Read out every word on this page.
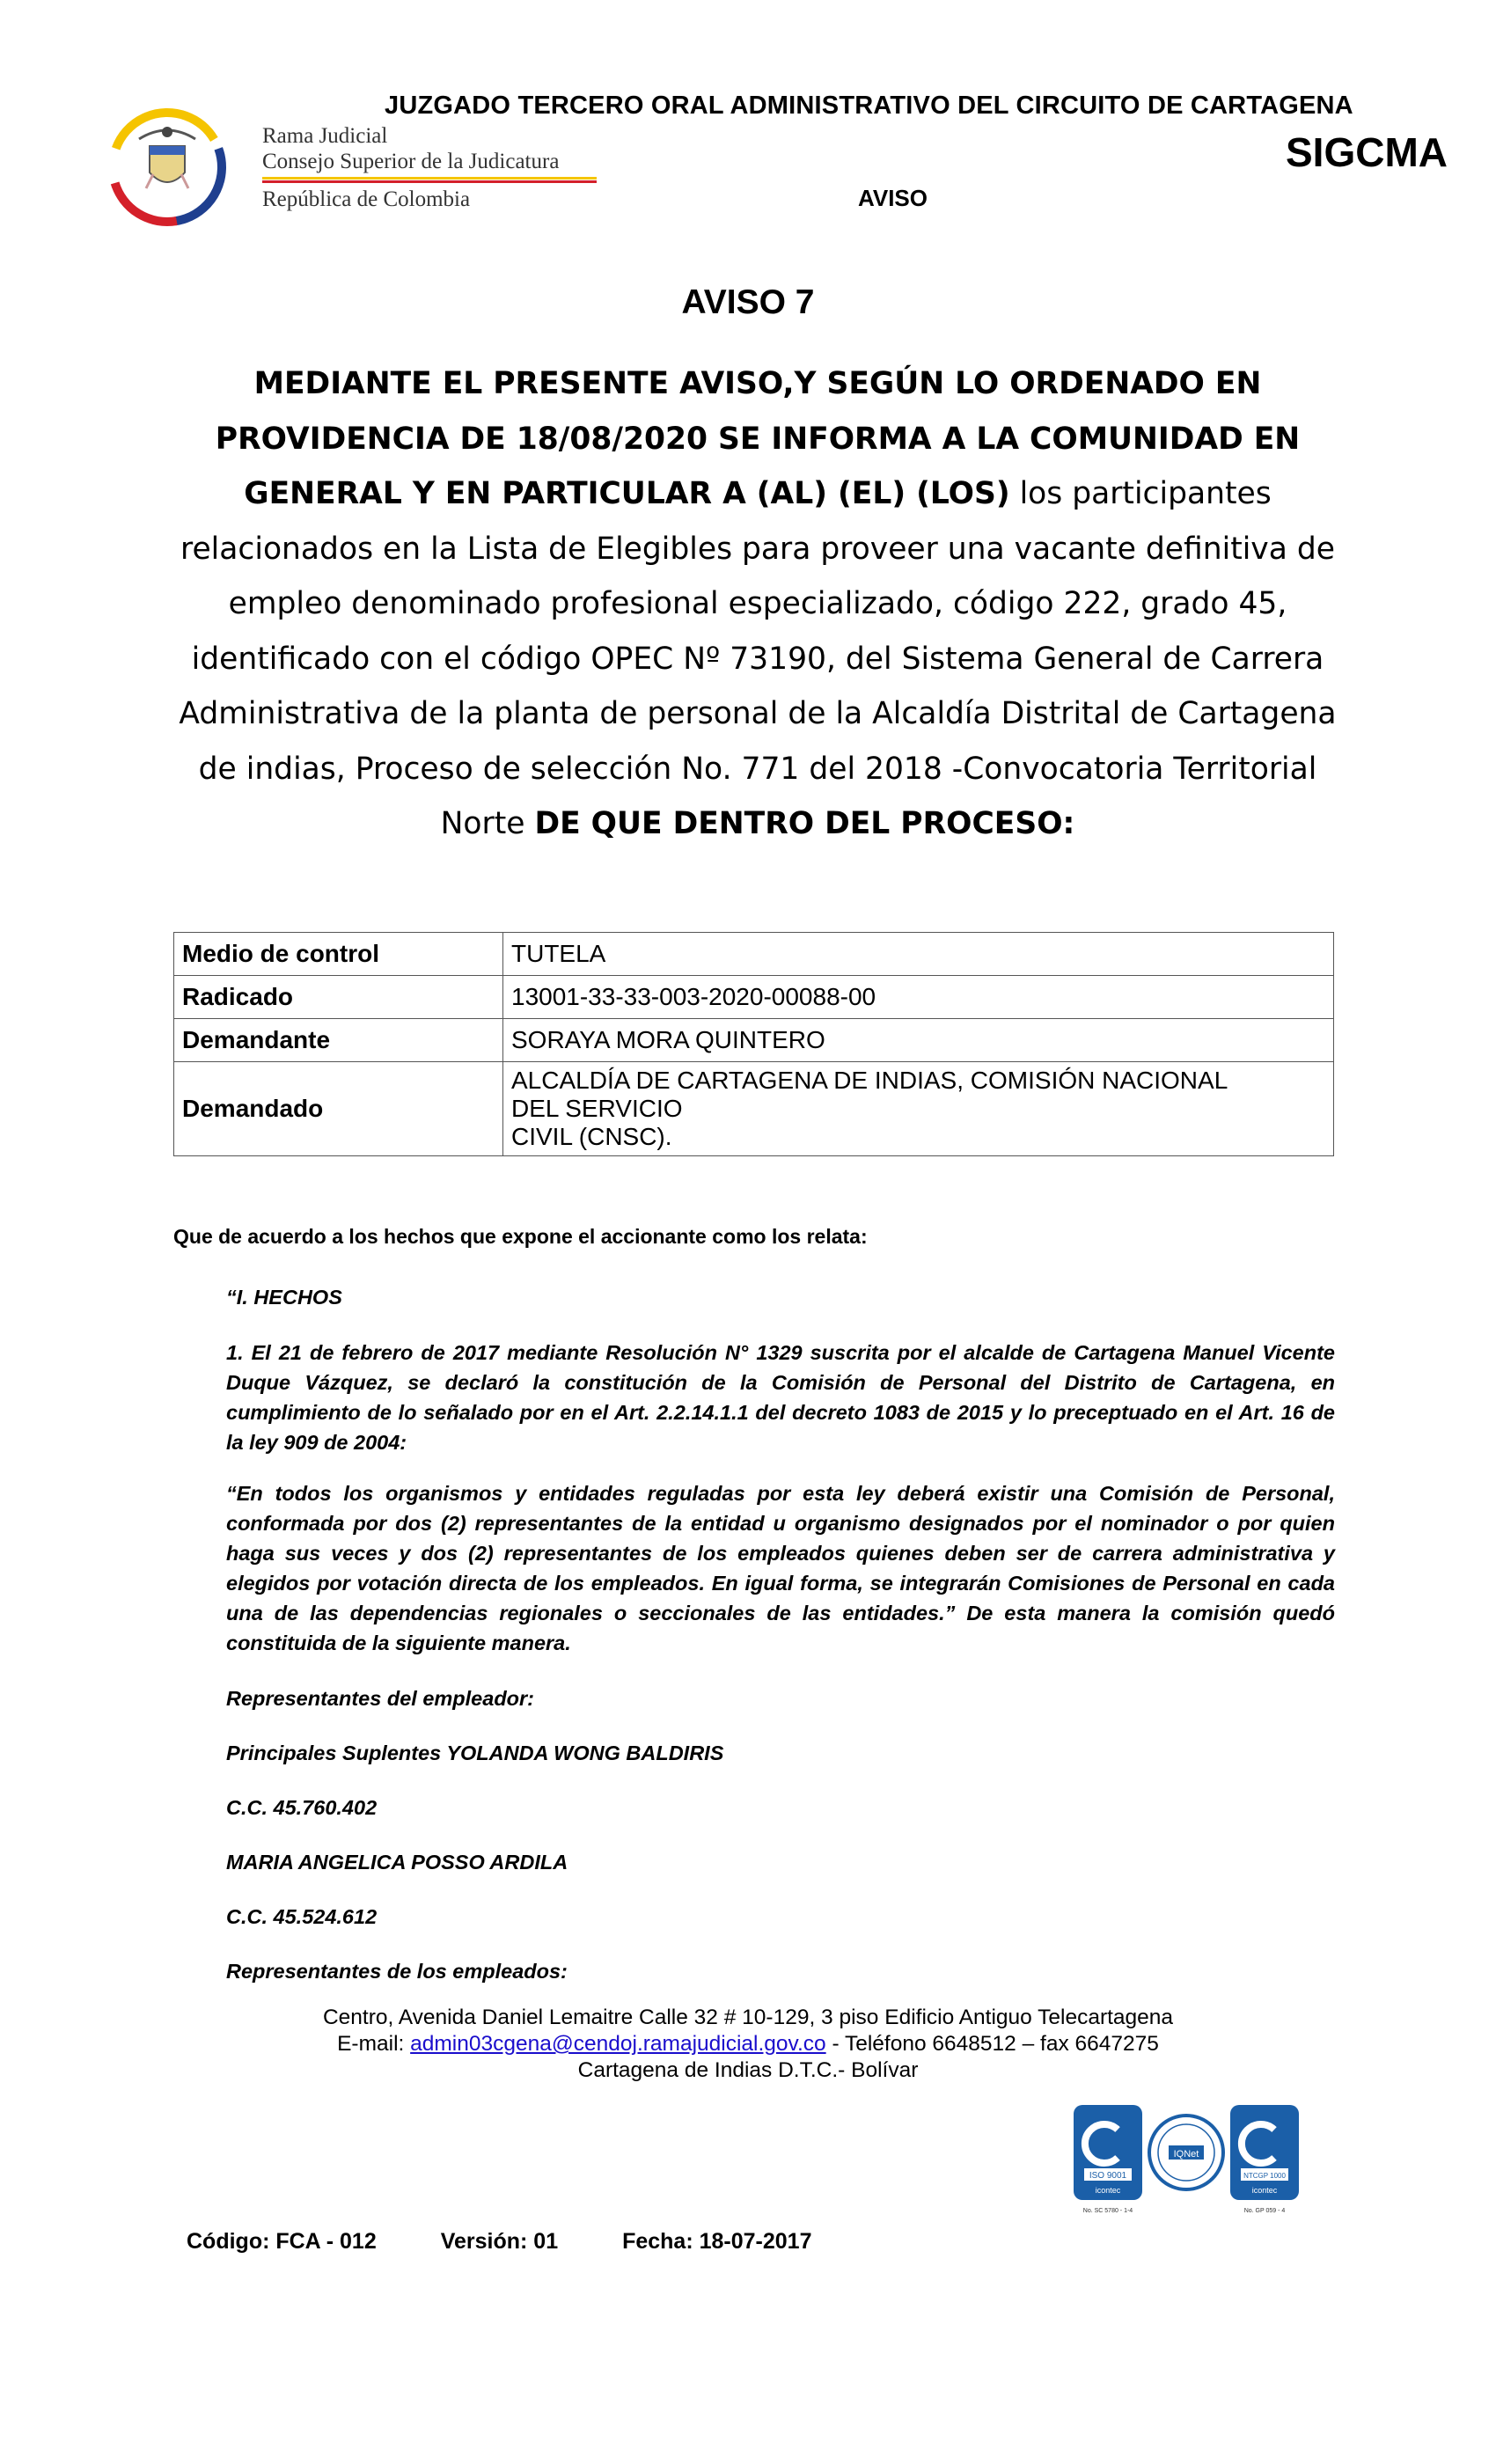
Rama Judicial
Consejo Superior de la Judicatura
República de Colombia
JUZGADO TERCERO ORAL ADMINISTRATIVO DEL CIRCUITO DE CARTAGENA
SIGCMA
AVISO
AVISO 7
MEDIANTE EL PRESENTE AVISO,Y SEGÚN LO ORDENADO EN PROVIDENCIA DE 18/08/2020 SE INFORMA A LA COMUNIDAD EN GENERAL Y EN PARTICULAR A (AL) (EL) (LOS) los participantes relacionados en la Lista de Elegibles para proveer una vacante definitiva de empleo denominado profesional especializado, código 222, grado 45, identificado con el código OPEC Nº 73190, del Sistema General de Carrera Administrativa de la planta de personal de la Alcaldía Distrital de Cartagena de indias, Proceso de selección No. 771 del 2018 -Convocatoria Territorial Norte DE QUE DENTRO DEL PROCESO:
Medio de control	TUTELA
Radicado	13001-33-33-003-2020-00088-00
Demandante	SORAYA MORA QUINTERO
Demandado	ALCALDÍA DE CARTAGENA DE INDIAS, COMISIÓN NACIONAL
DEL SERVICIO
CIVIL (CNSC).
Que de acuerdo a los hechos que expone el accionante como los relata:
“I. HECHOS
1. El 21 de febrero de 2017 mediante Resolución N° 1329 suscrita por el alcalde de Cartagena Manuel Vicente Duque Vázquez, se declaró la constitución de la Comisión de Personal del Distrito de Cartagena, en cumplimiento de lo señalado por en el Art. 2.2.14.1.1 del decreto 1083 de 2015 y lo preceptuado en el Art. 16 de la ley 909 de 2004:
“En todos los organismos y entidades reguladas por esta ley deberá existir una Comisión de Personal, conformada por dos (2) representantes de la entidad u organismo designados por el nominador o por quien haga sus veces y dos (2) representantes de los empleados quienes deben ser de carrera administrativa y elegidos por votación directa de los empleados. En igual forma, se integrarán Comisiones de Personal en cada una de las dependencias regionales o seccionales de las entidades.” De esta manera la comisión quedó constituida de la siguiente manera.
Representantes del empleador:
Principales Suplentes YOLANDA WONG BALDIRIS
C.C. 45.760.402
MARIA ANGELICA POSSO ARDILA
C.C. 45.524.612
Representantes de los empleados:
Centro, Avenida Daniel Lemaitre Calle 32 # 10-129, 3 piso Edificio Antiguo Telecartagena
E-mail: admin03cgena@cendoj.ramajudicial.gov.co - Teléfono 6648512 – fax 6647275
Cartagena de Indias D.T.C.- Bolívar
ISO 9001
icontec
No. SC 5780 - 1-4
IQNet
NTCGP 1000
icontec
No. GP 059 - 4
Código: FCA - 012	Versión: 01	Fecha: 18-07-2017
